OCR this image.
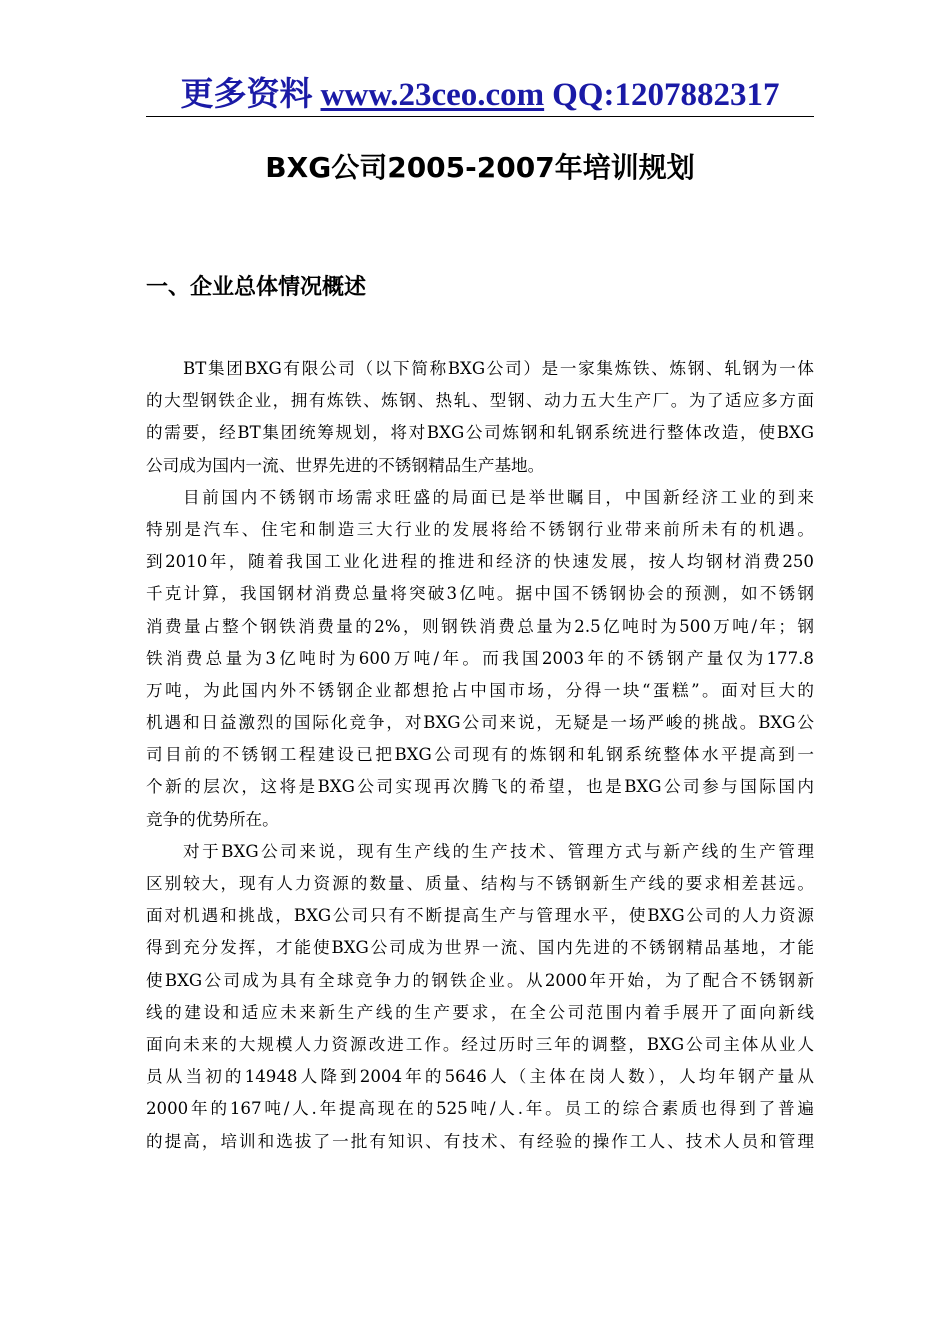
更多资料 www.23ceo.com QQ:1207882317
BXG公司2005-2007年培训规划
一、企业总体情况概述
BT集团BXG有限公司（以下简称BXG公司）是一家集炼铁、炼钢、轧钢为一体
的大型钢铁企业，拥有炼铁、炼钢、热轧、型钢、动力五大生产厂。为了适应多方面
的需要，经BT集团统筹规划，将对BXG公司炼钢和轧钢系统进行整体改造，使BXG
公司成为国内一流、世界先进的不锈钢精品生产基地。
目前国内不锈钢市场需求旺盛的局面已是举世瞩目，中国新经济工业的到来
特别是汽车、住宅和制造三大行业的发展将给不锈钢行业带来前所未有的机遇。
到2010年，随着我国工业化进程的推进和经济的快速发展，按人均钢材消费250
千克计算，我国钢材消费总量将突破3亿吨。据中国不锈钢协会的预测，如不锈钢
消费量占整个钢铁消费量的2%，则钢铁消费总量为2.5亿吨时为500万吨/年；钢
铁消费总量为3亿吨时为600万吨/年。而我国2003年的不锈钢产量仅为177.8
万吨，为此国内外不锈钢企业都想抢占中国市场，分得一块“蛋糕”。面对巨大的
机遇和日益激烈的国际化竞争，对BXG公司来说，无疑是一场严峻的挑战。BXG公
司目前的不锈钢工程建设已把BXG公司现有的炼钢和轧钢系统整体水平提高到一
个新的层次，这将是BXG公司实现再次腾飞的希望，也是BXG公司参与国际国内
竞争的优势所在。
对于BXG公司来说，现有生产线的生产技术、管理方式与新产线的生产管理
区别较大，现有人力资源的数量、质量、结构与不锈钢新生产线的要求相差甚远。
面对机遇和挑战，BXG公司只有不断提高生产与管理水平，使BXG公司的人力资源
得到充分发挥，才能使BXG公司成为世界一流、国内先进的不锈钢精品基地，才能
使BXG公司成为具有全球竞争力的钢铁企业。从2000年开始，为了配合不锈钢新
线的建设和适应未来新生产线的生产要求，在全公司范围内着手展开了面向新线
面向未来的大规模人力资源改进工作。经过历时三年的调整，BXG公司主体从业人
员从当初的14948人降到2004年的5646人（主体在岗人数），人均年钢产量从
2000年的167吨/人.年提高现在的525吨/人.年。员工的综合素质也得到了普遍
的提高，培训和选拔了一批有知识、有技术、有经验的操作工人、技术人员和管理
